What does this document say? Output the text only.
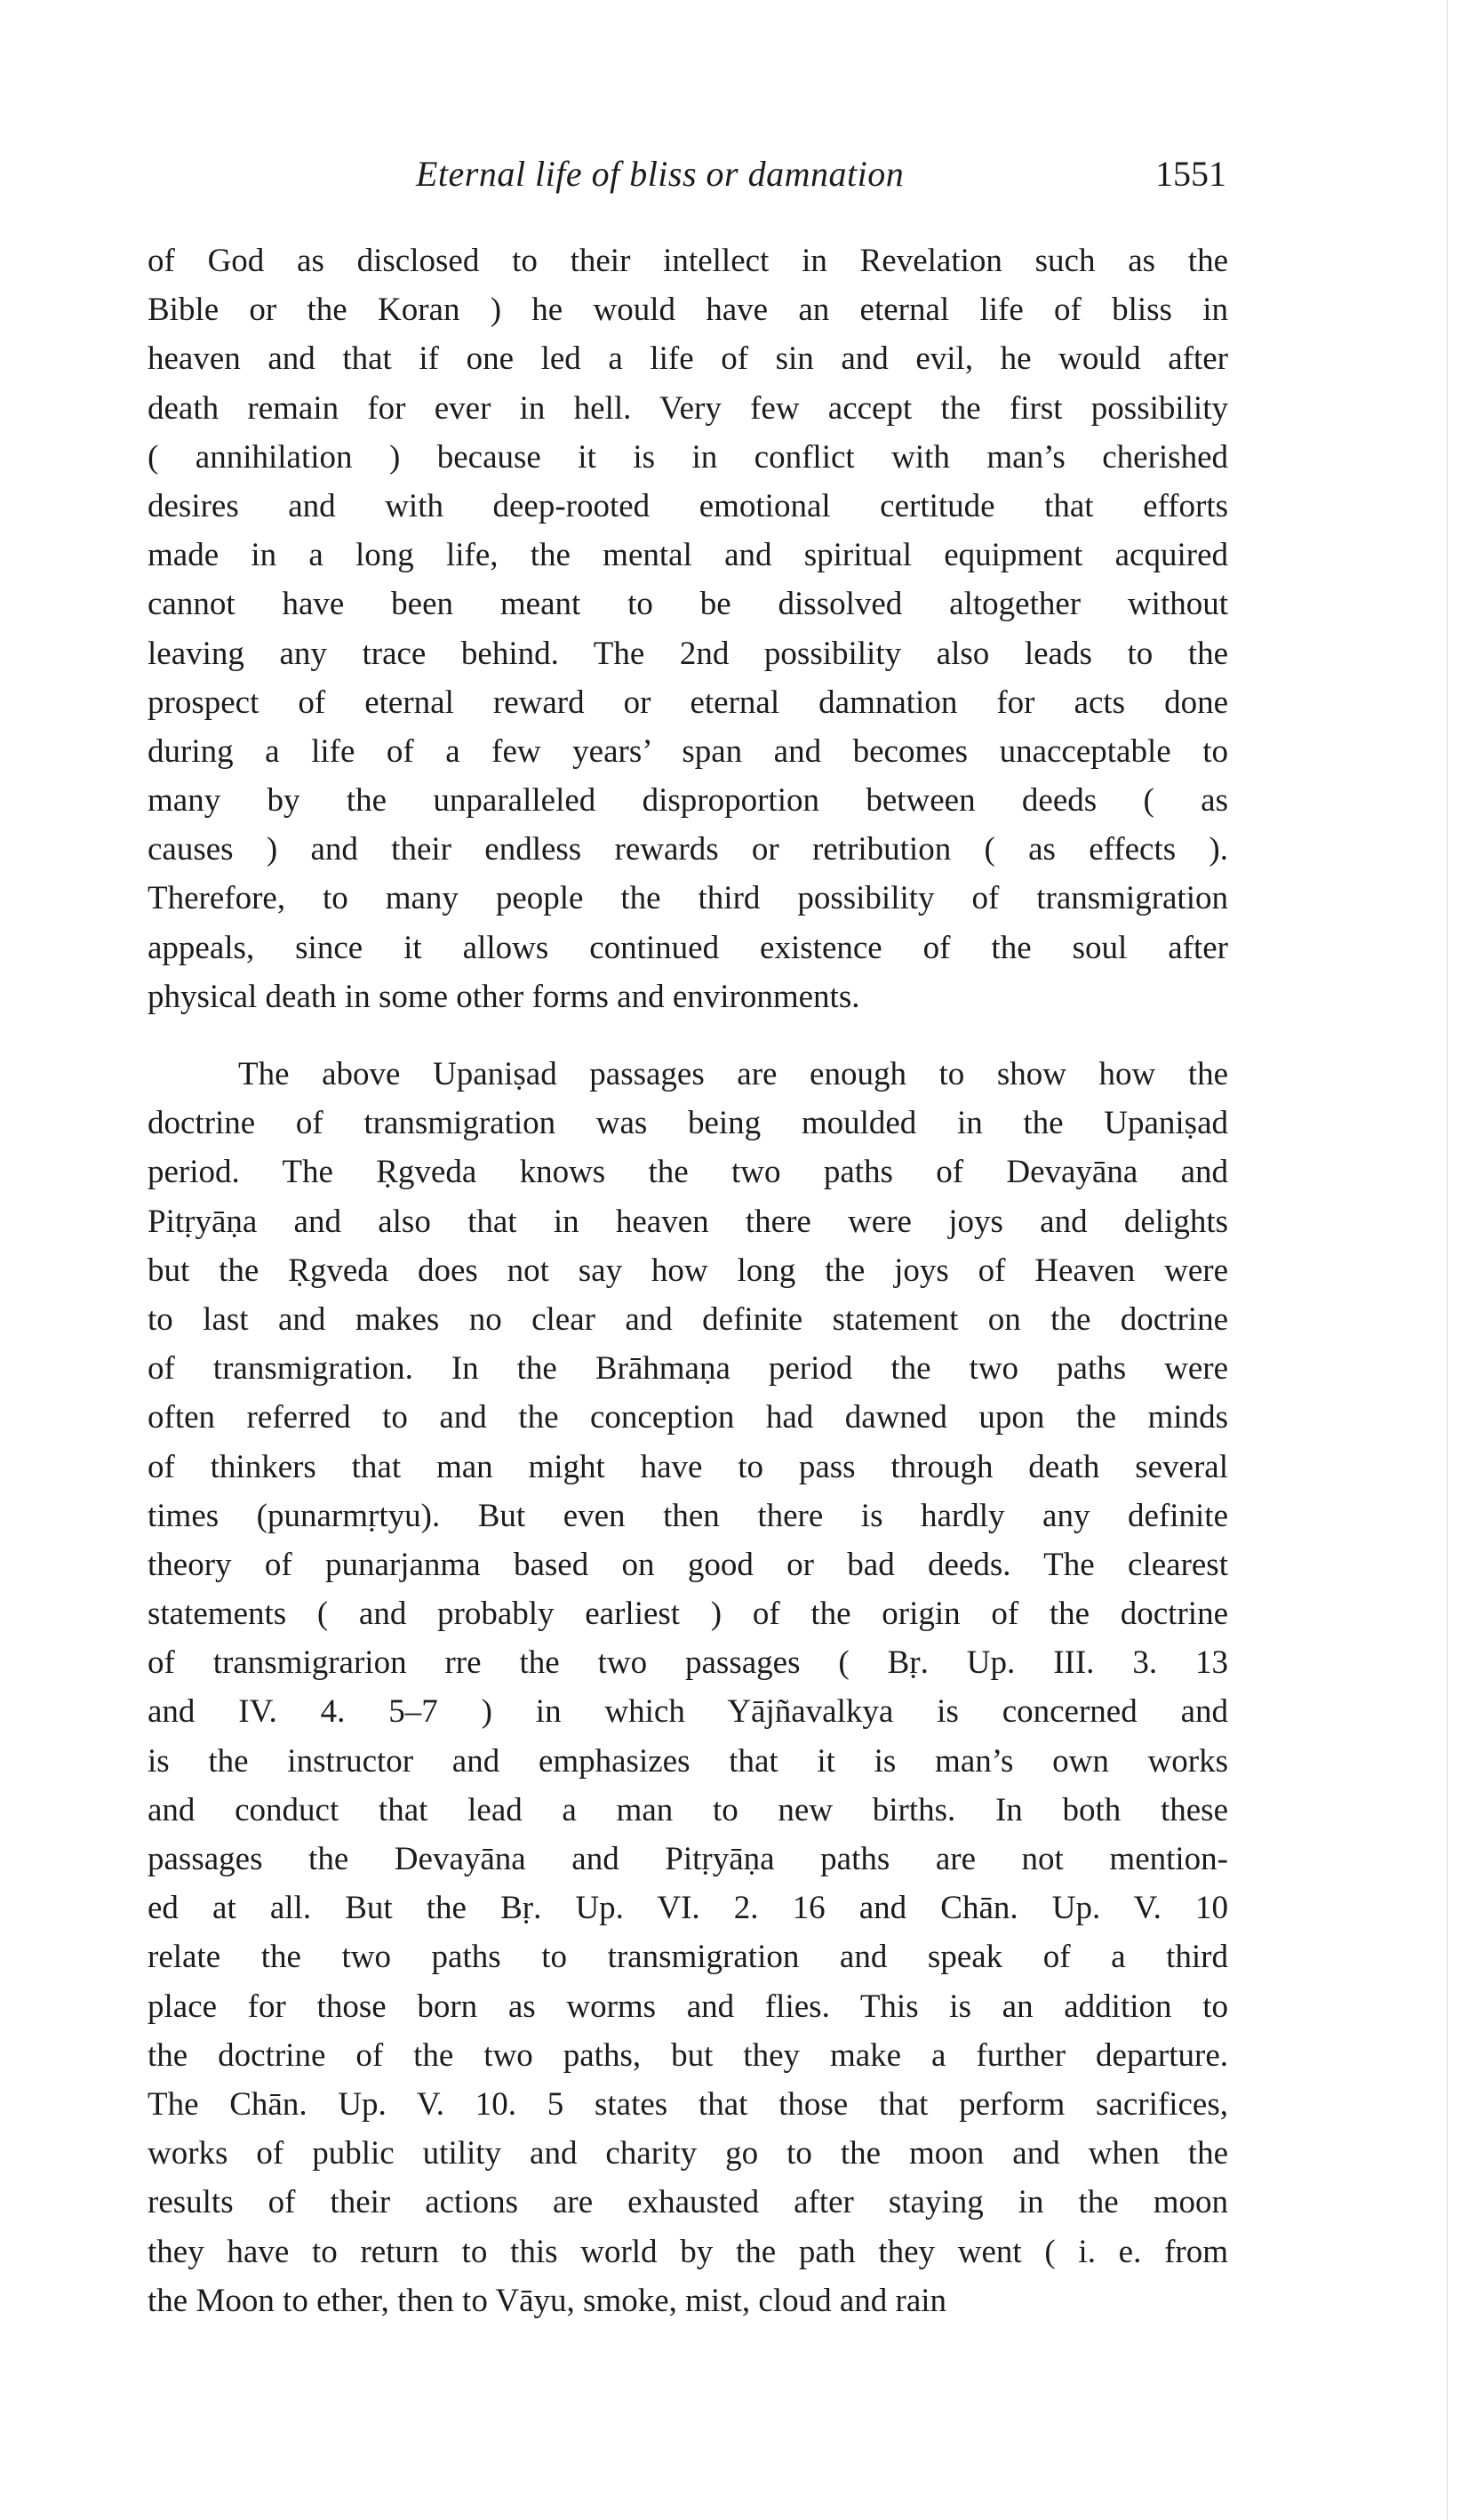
Eternal life of bliss or damnation	1551
of God as disclosed to their intellect in Revelation such as the
Bible or the Koran ) he would have an eternal life of bliss in
heaven and that if one led a life of sin and evil, he would after
death remain for ever in hell. Very few accept the first possibility
( annihilation ) because it is in conflict with man’s cherished
desires and with deep-rooted emotional certitude that efforts
made in a long life, the mental and spiritual equipment acquired
cannot have been meant to be dissolved altogether without
leaving any trace behind. The 2nd possibility also leads to the
prospect of eternal reward or eternal damnation for acts done
during a life of a few years’ span and becomes unacceptable to
many by the unparalleled disproportion between deeds ( as
causes ) and their endless rewards or retribution ( as effects ).
Therefore, to many people the third possibility of transmigration
appeals, since it allows continued existence of the soul after
physical death in some other forms and environments.
The above Upaniṣad passages are enough to show how the
doctrine of transmigration was being moulded in the Upaniṣad
period. The Ṛgveda knows the two paths of Devayāna and
Pitṛyāṇa and also that in heaven there were joys and delights
but the Ṛgveda does not say how long the joys of Heaven were
to last and makes no clear and definite statement on the doctrine
of transmigration. In the Brāhmaṇa period the two paths were
often referred to and the conception had dawned upon the minds
of thinkers that man might have to pass through death several
times (punarmṛtyu). But even then there is hardly any definite
theory of punarjanma based on good or bad deeds. The clearest
statements ( and probably earliest ) of the origin of the doctrine
of transmigrarion rre the two passages ( Bṛ. Up. III. 3. 13
and IV. 4. 5–7 ) in which Yājñavalkya is concerned and
is the instructor and emphasizes that it is man’s own works
and conduct that lead a man to new births. In both these
passages the Devayāna and Pitṛyāṇa paths are not mention-
ed at all. But the Bṛ. Up. VI. 2. 16 and Chān. Up. V. 10
relate the two paths to transmigration and speak of a third
place for those born as worms and flies. This is an addition to
the doctrine of the two paths, but they make a further departure.
The Chān. Up. V. 10. 5 states that those that perform sacrifices,
works of public utility and charity go to the moon and when the
results of their actions are exhausted after staying in the moon
they have to return to this world by the path they went ( i. e. from
the Moon to ether, then to Vāyu, smoke, mist, cloud and rain
